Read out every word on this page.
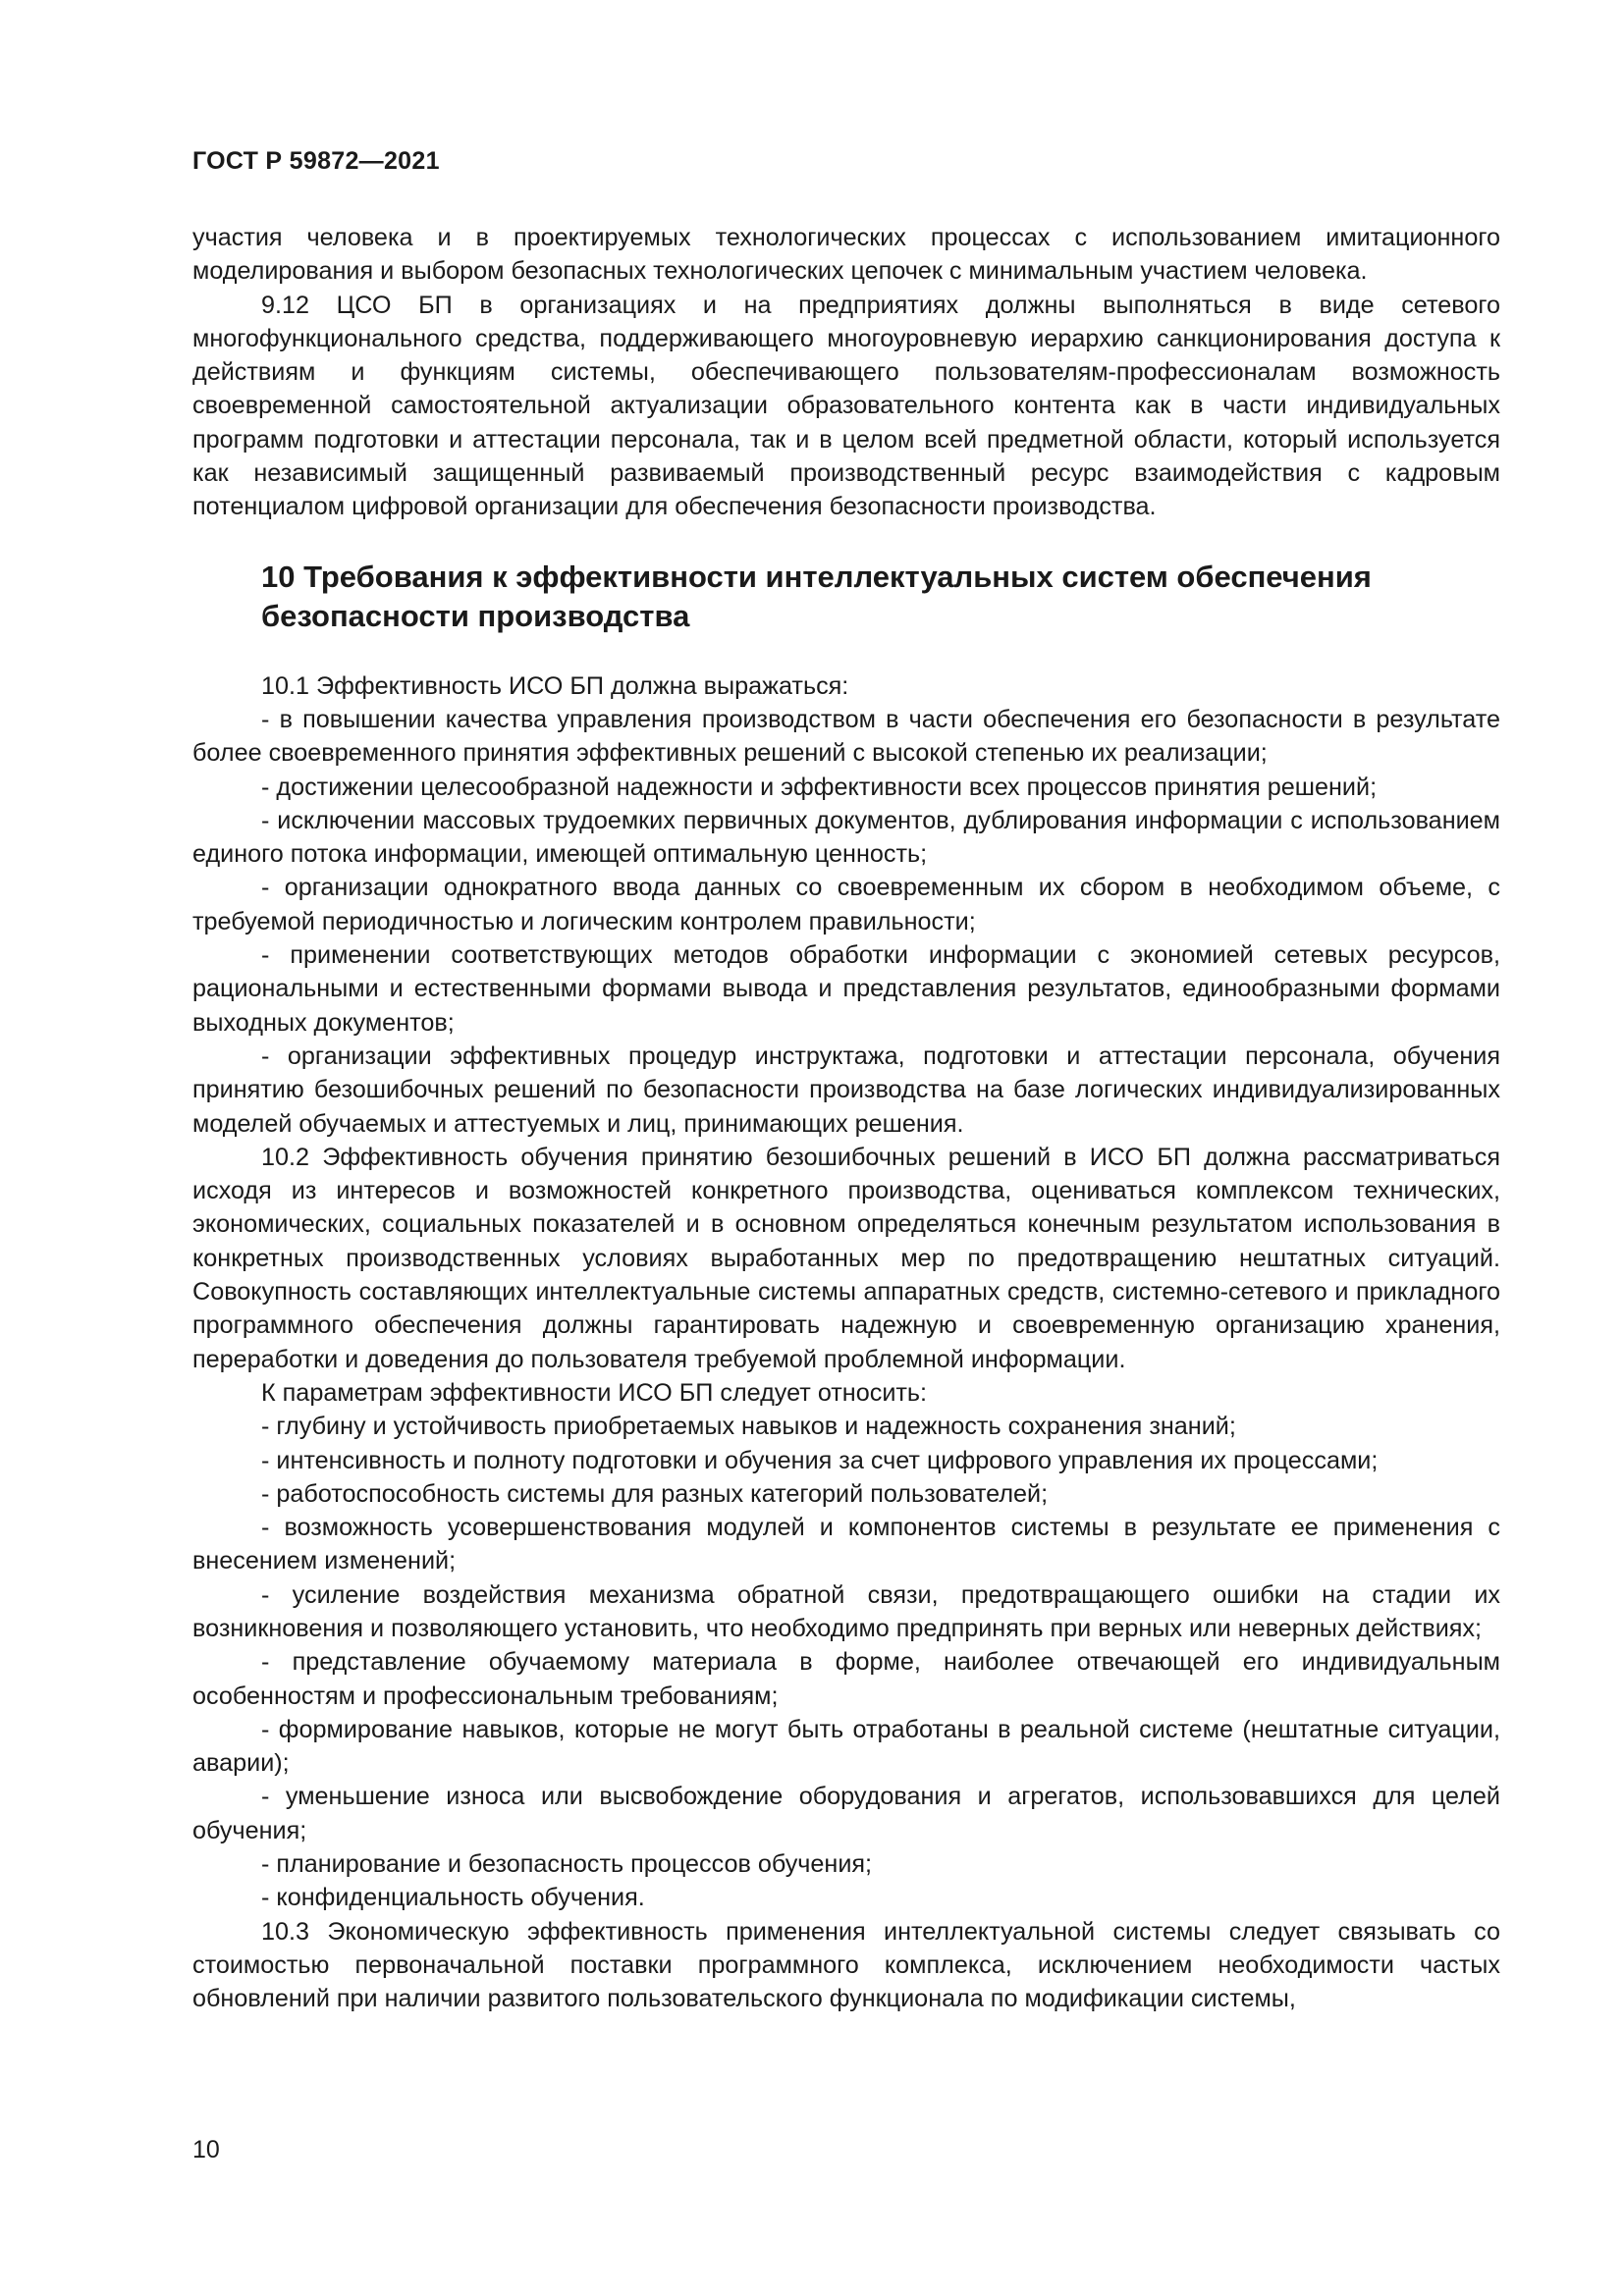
ГОСТ Р 59872—2021

участия человека и в проектируемых технологических процессах с использованием имитационного моделирования и выбором безопасных технологических цепочек с минимальным участием человека.

9.12 ЦСО БП в организациях и на предприятиях должны выполняться в виде сетевого многофункционального средства, поддерживающего многоуровневую иерархию санкционирования доступа к действиям и функциям системы, обеспечивающего пользователям-профессионалам возможность своевременной самостоятельной актуализации образовательного контента как в части индивидуальных программ подготовки и аттестации персонала, так и в целом всей предметной области, который используется как независимый защищенный развиваемый производственный ресурс взаимодействия с кадровым потенциалом цифровой организации для обеспечения безопасности производства.

10 Требования к эффективности интеллектуальных систем обеспечения безопасности производства

10.1 Эффективность ИСО БП должна выражаться:

- в повышении качества управления производством в части обеспечения его безопасности в результате более своевременного принятия эффективных решений с высокой степенью их реализации;

- достижении целесообразной надежности и эффективности всех процессов принятия решений;

- исключении массовых трудоемких первичных документов, дублирования информации с использованием единого потока информации, имеющей оптимальную ценность;

- организации однократного ввода данных со своевременным их сбором в необходимом объеме, с требуемой периодичностью и логическим контролем правильности;

- применении соответствующих методов обработки информации с экономией сетевых ресурсов, рациональными и естественными формами вывода и представления результатов, единообразными формами выходных документов;

- организации эффективных процедур инструктажа, подготовки и аттестации персонала, обучения принятию безошибочных решений по безопасности производства на базе логических индивидуализированных моделей обучаемых и аттестуемых и лиц, принимающих решения.

10.2 Эффективность обучения принятию безошибочных решений в ИСО БП должна рассматриваться исходя из интересов и возможностей конкретного производства, оцениваться комплексом технических, экономических, социальных показателей и в основном определяться конечным результатом использования в конкретных производственных условиях выработанных мер по предотвращению нештатных ситуаций. Совокупность составляющих интеллектуальные системы аппаратных средств, системно-сетевого и прикладного программного обеспечения должны гарантировать надежную и своевременную организацию хранения, переработки и доведения до пользователя требуемой проблемной информации.

К параметрам эффективности ИСО БП следует относить:

- глубину и устойчивость приобретаемых навыков и надежность сохранения знаний;

- интенсивность и полноту подготовки и обучения за счет цифрового управления их процессами;

- работоспособность системы для разных категорий пользователей;

- возможность усовершенствования модулей и компонентов системы в результате ее применения с внесением изменений;

- усиление воздействия механизма обратной связи, предотвращающего ошибки на стадии их возникновения и позволяющего установить, что необходимо предпринять при верных или неверных действиях;

- представление обучаемому материала в форме, наиболее отвечающей его индивидуальным особенностям и профессиональным требованиям;

- формирование навыков, которые не могут быть отработаны в реальной системе (нештатные ситуации, аварии);

- уменьшение износа или высвобождение оборудования и агрегатов, использовавшихся для целей обучения;

- планирование и безопасность процессов обучения;

- конфиденциальность обучения.

10.3 Экономическую эффективность применения интеллектуальной системы следует связывать со стоимостью первоначальной поставки программного комплекса, исключением необходимости частых обновлений при наличии развитого пользовательского функционала по модификации системы,

10
